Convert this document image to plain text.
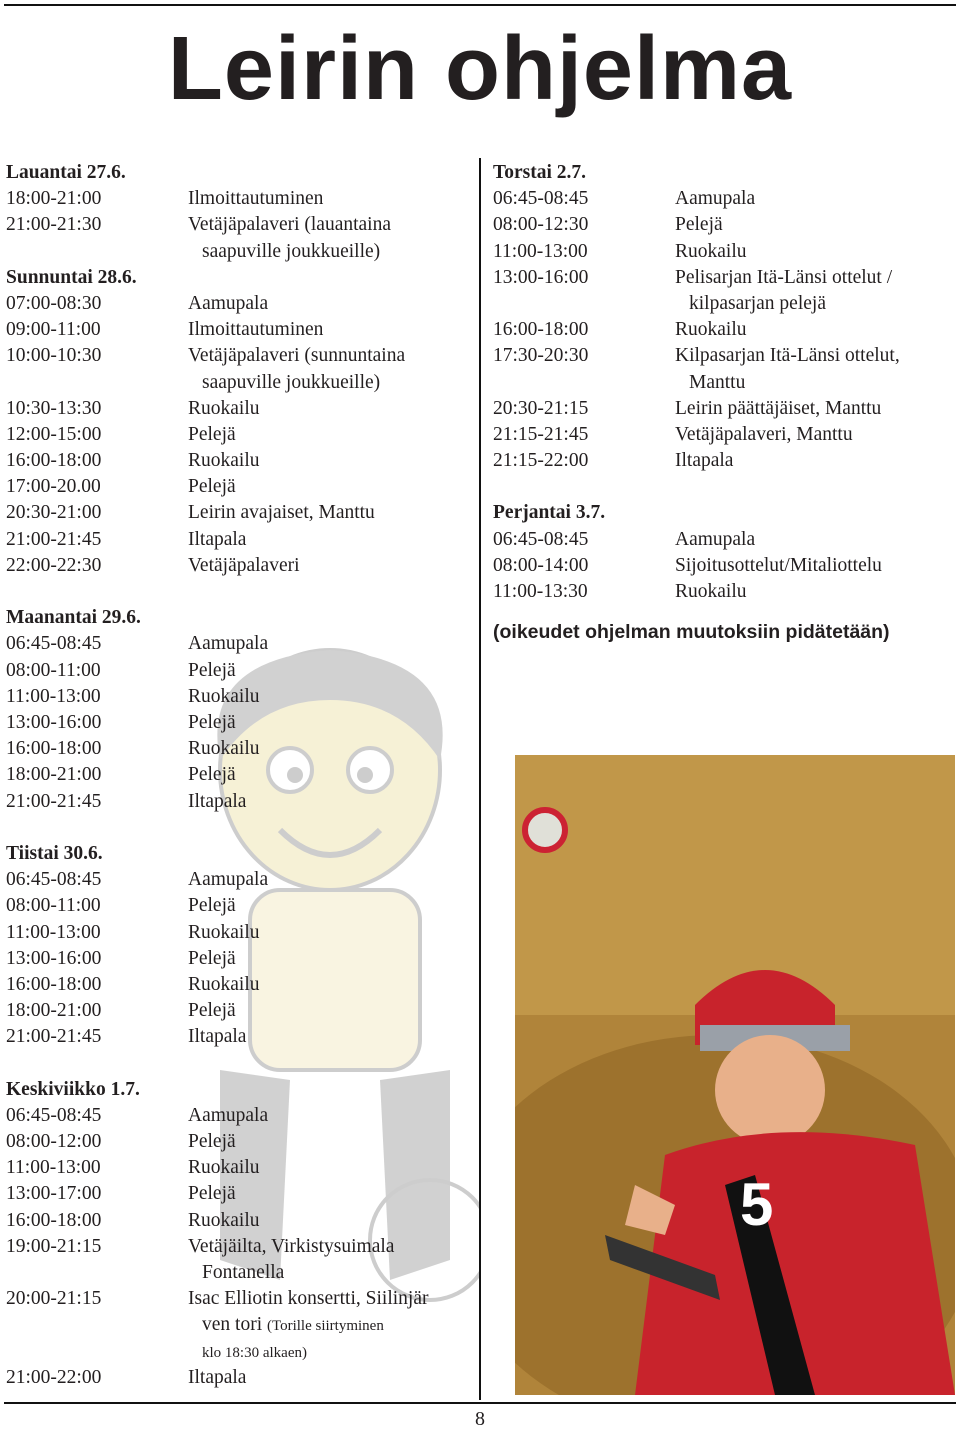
Leirin ohjelma
Lauantai 27.6.
18:00-21:00	Ilmoittautuminen
21:00-21:30	Vetäjäpalaveri (lauantaina
saapuville joukkueille)
Sunnuntai 28.6.
07:00-08:30	Aamupala
09:00-11:00	Ilmoittautuminen
10:00-10:30	Vetäjäpalaveri (sunnuntaina
saapuville joukkueille)
10:30-13:30	Ruokailu
12:00-15:00	Pelejä
16:00-18:00	Ruokailu
17:00-20.00	Pelejä
20:30-21:00	Leirin avajaiset, Manttu
21:00-21:45	Iltapala
22:00-22:30	Vetäjäpalaveri
Maanantai 29.6.
06:45-08:45	Aamupala
08:00-11:00	Pelejä
11:00-13:00	Ruokailu
13:00-16:00	Pelejä
16:00-18:00	Ruokailu
18:00-21:00	Pelejä
21:00-21:45	Iltapala
Tiistai 30.6.
06:45-08:45	Aamupala
08:00-11:00	Pelejä
11:00-13:00	Ruokailu
13:00-16:00	Pelejä
16:00-18:00	Ruokailu
18:00-21:00	Pelejä
21:00-21:45	Iltapala
Keskiviikko 1.7.
06:45-08:45	Aamupala
08:00-12:00	Pelejä
11:00-13:00	Ruokailu
13:00-17:00	Pelejä
16:00-18:00	Ruokailu
19:00-21:15	Vetäjäilta, Virkistysuimala
Fontanella
20:00-21:15	Isac Elliotin konsertti, Siilinjär
ven tori (Torille siirtyminen
klo 18:30 alkaen)
21:00-22:00	Iltapala
Torstai 2.7.
06:45-08:45	Aamupala
08:00-12:30	Pelejä
11:00-13:00	Ruokailu
13:00-16:00	Pelisarjan Itä-Länsi ottelut /
kilpasarjan pelejä
16:00-18:00	Ruokailu
17:30-20:30	Kilpasarjan Itä-Länsi ottelut,
Manttu
20:30-21:15	Leirin päättäjäiset, Manttu
21:15-21:45	Vetäjäpalaveri, Manttu
21:15-22:00	Iltapala
Perjantai 3.7.
06:45-08:45	Aamupala
08:00-14:00	Sijoitusottelut/Mitaliottelu
11:00-13:30	Ruokailu
(oikeudet ohjelman muutoksiin pidätetään)
5
8
